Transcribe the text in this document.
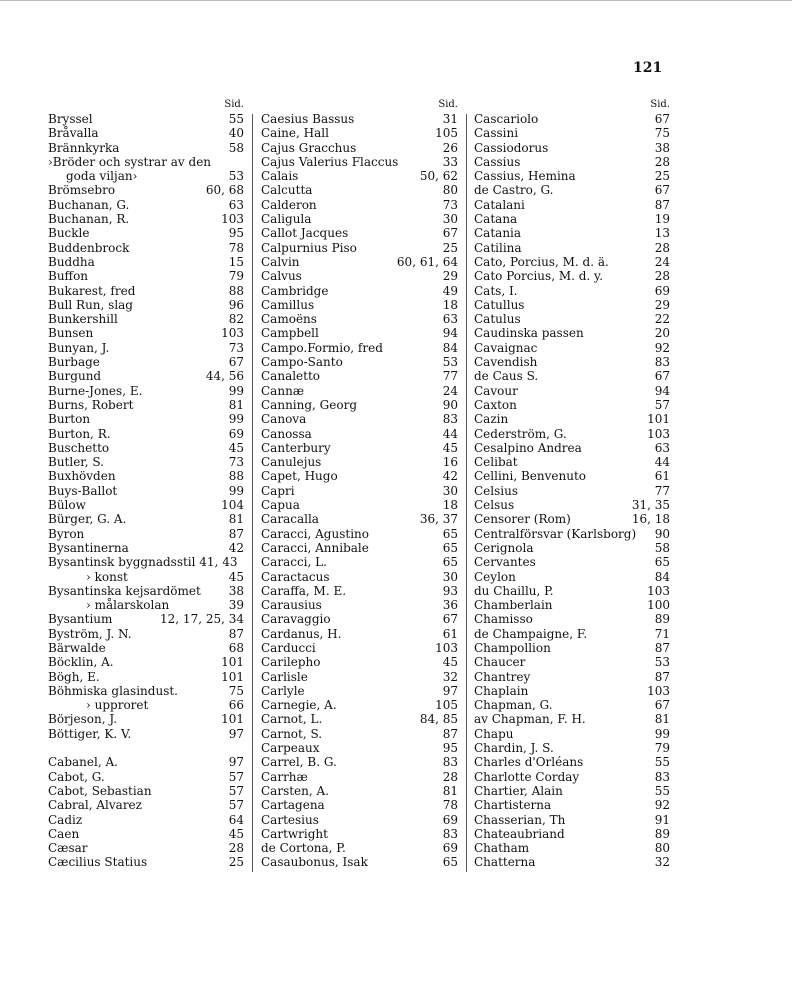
121
Sid.
Bryssel	55
Bråvalla	40
Brännkyrka	58
›Bröder och systrar av den
goda viljan›	53
Brömsebro	60, 68
Buchanan, G.	63
Buchanan, R.	103
Buckle	95
Buddenbrock	78
Buddha	15
Buffon	79
Bukarest, fred	88
Bull Run, slag	96
Bunkershill	82
Bunsen	103
Bunyan, J.	73
Burbage	67
Burgund	44, 56
Burne-Jones, E.	99
Burns, Robert	81
Burton	99
Burton, R.	69
Buschetto	45
Butler, S.	73
Buxhövden	88
Buys-Ballot	99
Bülow	104
Bürger, G. A.	81
Byron	87
Bysantinerna	42
Bysantinsk byggnadsstil 41, 43
› konst	45
Bysantinska kejsardömet 38
› målarskolan	39
Bysantium	12, 17, 25, 34
Byström, J. N.	87
Bärwalde	68
Böcklin, A.	101
Bögh, E.	101
Böhmiska glasindust.	75
› upproret	66
Börjeson, J.	101
Böttiger, K. V.	97
Cabanel, A.	97
Cabot, G.	57
Cabot, Sebastian	57
Cabral, Alvarez	57
Cadiz	64
Caen	45
Cæsar	28
Cæcilius Statius	25
Sid.
Caesius Bassus	31
Caine, Hall	105
Cajus Gracchus	26
Cajus Valerius Flaccus	33
Calais	50, 62
Calcutta	80
Calderon	73
Caligula	30
Callot Jacques	67
Calpurnius Piso	25
Calvin	60, 61, 64
Calvus	29
Cambridge	49
Camillus	18
Camoëns	63
Campbell	94
Campo.Formio, fred	84
Campo-Santo	53
Canaletto	77
Cannæ	24
Canning, Georg	90
Canova	83
Canossa	44
Canterbury	45
Canulejus	16
Capet, Hugo	42
Capri	30
Capua	18
Caracalla	36, 37
Caracci, Agustino	65
Caracci, Annibale	65
Caracci, L.	65
Caractacus	30
Caraffa, M. E.	93
Carausius	36
Caravaggio	67
Cardanus, H.	61
Carducci	103
Carilepho	45
Carlisle	32
Carlyle	97
Carnegie, A.	105
Carnot, L.	84, 85
Carnot, S.	87
Carpeaux	95
Carrel, B. G.	83
Carrhæ	28
Carsten, A.	81
Cartagena	78
Cartesius	69
Cartwright	83
de Cortona, P.	69
Casaubonus, Isak	65
Sid.
Cascariolo	67
Cassini	75
Cassiodorus	38
Cassius	28
Cassius, Hemina	25
de Castro, G.	67
Catalani	87
Catana	19
Catania	13
Catilina	28
Cato, Porcius, M. d. ä.	24
Cato Porcius, M. d. y.	28
Cats, I.	69
Catullus	29
Catulus	22
Caudinska passen	20
Cavaignac	92
Cavendish	83
de Caus S.	67
Cavour	94
Caxton	57
Cazin	101
Cederström, G.	103
Cesalpino Andrea	63
Celibat	44
Cellini, Benvenuto	61
Celsius	77
Celsus	31, 35
Censorer (Rom)	16, 18
Centralförsvar (Karlsborg) 90
Cerignola	58
Cervantes	65
Ceylon	84
du Chaillu, P.	103
Chamberlain	100
Chamisso	89
de Champaigne, F.	71
Champollion	87
Chaucer	53
Chantrey	87
Chaplain	103
Chapman, G.	67
av Chapman, F. H.	81
Chapu	99
Chardin, J. S.	79
Charles d'Orléans	55
Charlotte Corday	83
Chartier, Alain	55
Chartisterna	92
Chasserian, Th	91
Chateaubriand	89
Chatham	80
Chatterna	32
